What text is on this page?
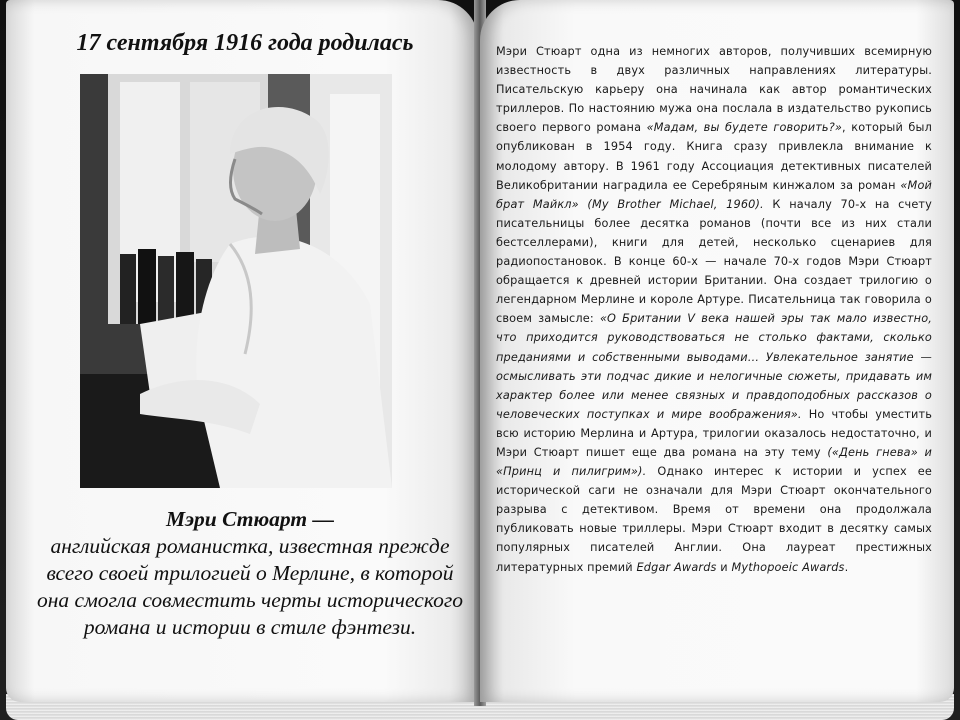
17 сентября 1916 года родилась
Мэри Стюарт —
английская романистка, известная прежде всего своей трилогией о Мерлине, в которой она смогла совместить черты исторического романа и истории в стиле фэнтези.
Мэри Стюарт одна из немногих авторов, получивших всемирную известность в двух различных направлениях литературы. Писательскую карьеру она начинала как автор романтических триллеров. По настоянию мужа она послала в издательство рукопись своего первого романа «Мадам, вы будете говорить?», который был опубликован в 1954 году. Книга сразу привлекла внимание к молодому автору. В 1961 году Ассоциация детективных писателей Великобритании наградила ее Серебряным кинжалом за роман «Мой брат Майкл» (My Brother Michael, 1960). К началу 70-х на счету писательницы более десятка романов (почти все из них стали бестселлерами), книги для детей, несколько сценариев для радиопостановок. В конце 60-х — начале 70-х годов Мэри Стюарт обращается к древней истории Британии. Она создает трилогию о легендарном Мерлине и короле Артуре. Писательница так говорила о своем замысле: «О Британии V века нашей эры так мало известно, что приходится руководствоваться не столько фактами, сколько преданиями и собственными выводами… Увлекательное занятие — осмысливать эти подчас дикие и нелогичные сюжеты, придавать им характер более или менее связных и правдоподобных рассказов о человеческих поступках и мире воображения». Но чтобы уместить всю историю Мерлина и Артура, трилогии оказалось недостаточно, и Мэри Стюарт пишет еще два романа на эту тему («День гнева» и «Принц и пилигрим»). Однако интерес к истории и успех ее исторической саги не означали для Мэри Стюарт окончательного разрыва с детективом. Время от времени она продолжала публиковать новые триллеры. Мэри Стюарт входит в десятку самых популярных писателей Англии. Она лауреат престижных литературных премий Edgar Awards и Mythopoeic Awards.
